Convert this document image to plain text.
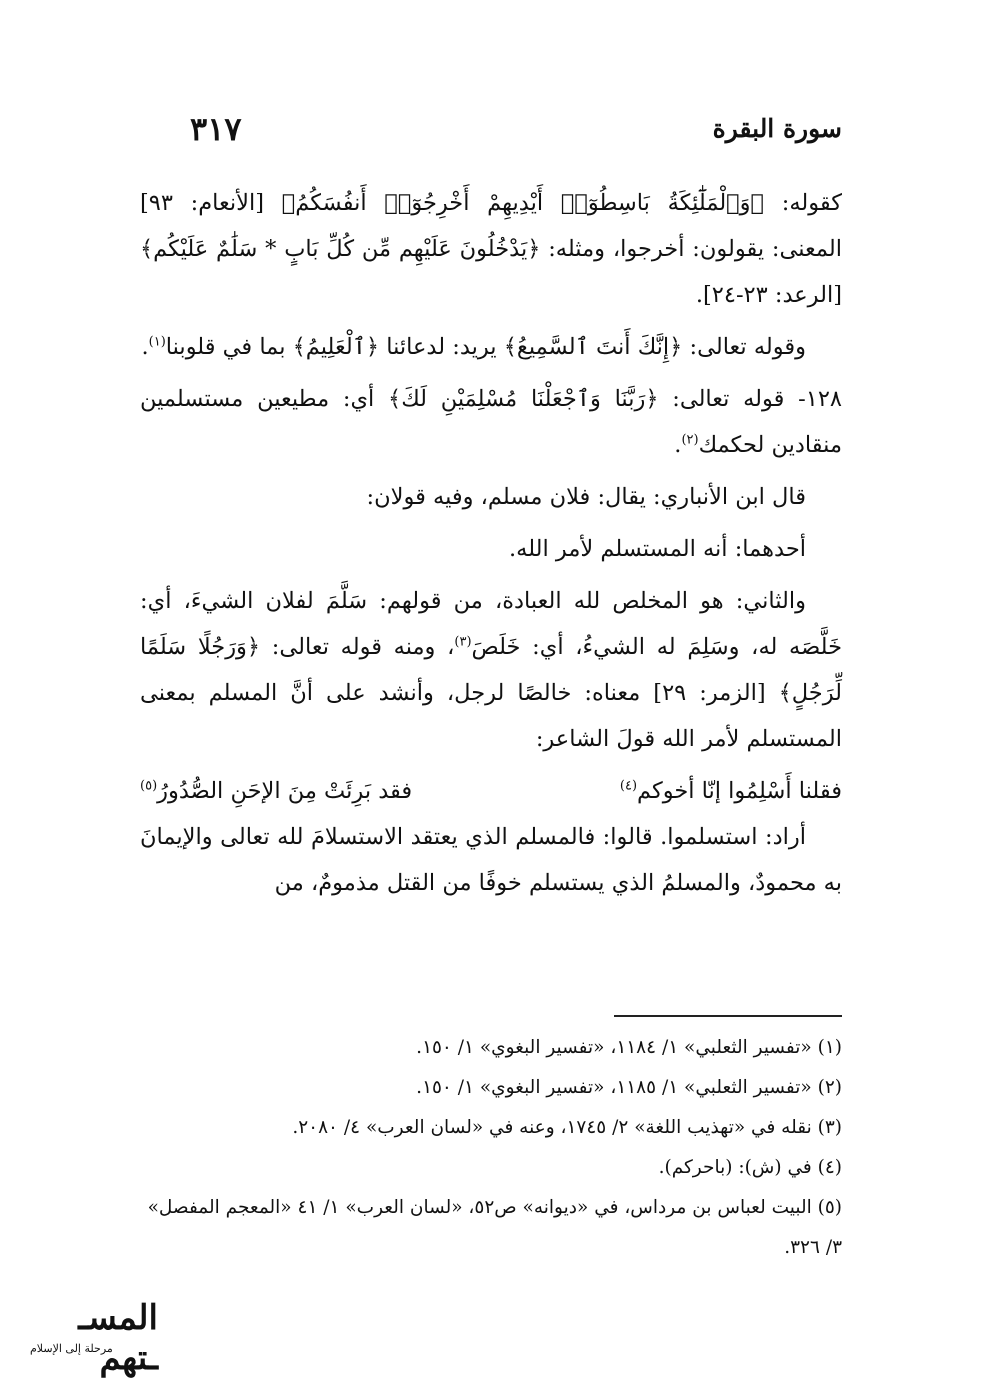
سورة البقرة
٣١٧

كقوله: ﴿وَٱلْمَلَٰٓئِكَةُ بَاسِطُوٓا۟ أَيْدِيهِمْ أَخْرِجُوٓا۟ أَنفُسَكُمُ﴾ [الأنعام: ٩٣] المعنى: يقولون: أخرجوا، ومثله: ﴿يَدْخُلُونَ عَلَيْهِم مِّن كُلِّ بَابٍ * سَلَٰمٌ عَلَيْكُم﴾ [الرعد: ٢٣-٢٤].

وقوله تعالى: ﴿إِنَّكَ أَنتَ ٱلسَّمِيعُ﴾ يريد: لدعائنا ﴿ٱلْعَلِيمُ﴾ بما في قلوبنا$^{(١)}$.

١٢٨- قوله تعالى: ﴿رَبَّنَا وَٱجْعَلْنَا مُسْلِمَيْنِ لَكَ﴾ أي: مطيعين مستسلمين منقادين لحكمك$^{(٢)}$.

قال ابن الأنباري: يقال: فلان مسلم، وفيه قولان:

أحدهما: أنه المستسلم لأمر الله.

والثاني: هو المخلص لله العبادة، من قولهم: سَلَّمَ لفلان الشيءَ، أي: خَلَّصَه له، وسَلِمَ له الشيءُ، أي: خَلَصَ$^{(٣)}$، ومنه قوله تعالى: ﴿وَرَجُلًا سَلَمًا لِّرَجُلٍ﴾ [الزمر: ٢٩] معناه: خالصًا لرجل، وأنشد على أنَّ المسلم بمعنى المستسلم لأمر الله قولَ الشاعر:

فقلنا أَسْلِمُوا إنّا أخوكم$^{(٤)}$
فقد بَرِئَتْ مِنَ الإحَنِ الصُّدُورُ$^{(٥)}$

أراد: استسلموا. قالوا: فالمسلم الذي يعتقد الاستسلامَ لله تعالى والإيمانَ به محمودٌ، والمسلمُ الذي يستسلم خوفًا من القتل مذمومٌ، من

(١) «تفسير الثعلبي» ١/ ١١٨٤، «تفسير البغوي» ١/ ١٥٠.
(٢) «تفسير الثعلبي» ١/ ١١٨٥، «تفسير البغوي» ١/ ١٥٠.
(٣) نقله في «تهذيب اللغة» ٢/ ١٧٤٥، وعنه في «لسان العرب» ٤/ ٢٠٨٠.
(٤) في (ش): (باحركم).
(٥) البيت لعباس بن مرداس، في «ديوانه» ص٥٢، «لسان العرب» ١/ ٤١ «المعجم المفصل» ٣/ ٣٢٦.
المسـ ـتهم
مرحلة إلى الإسلام
